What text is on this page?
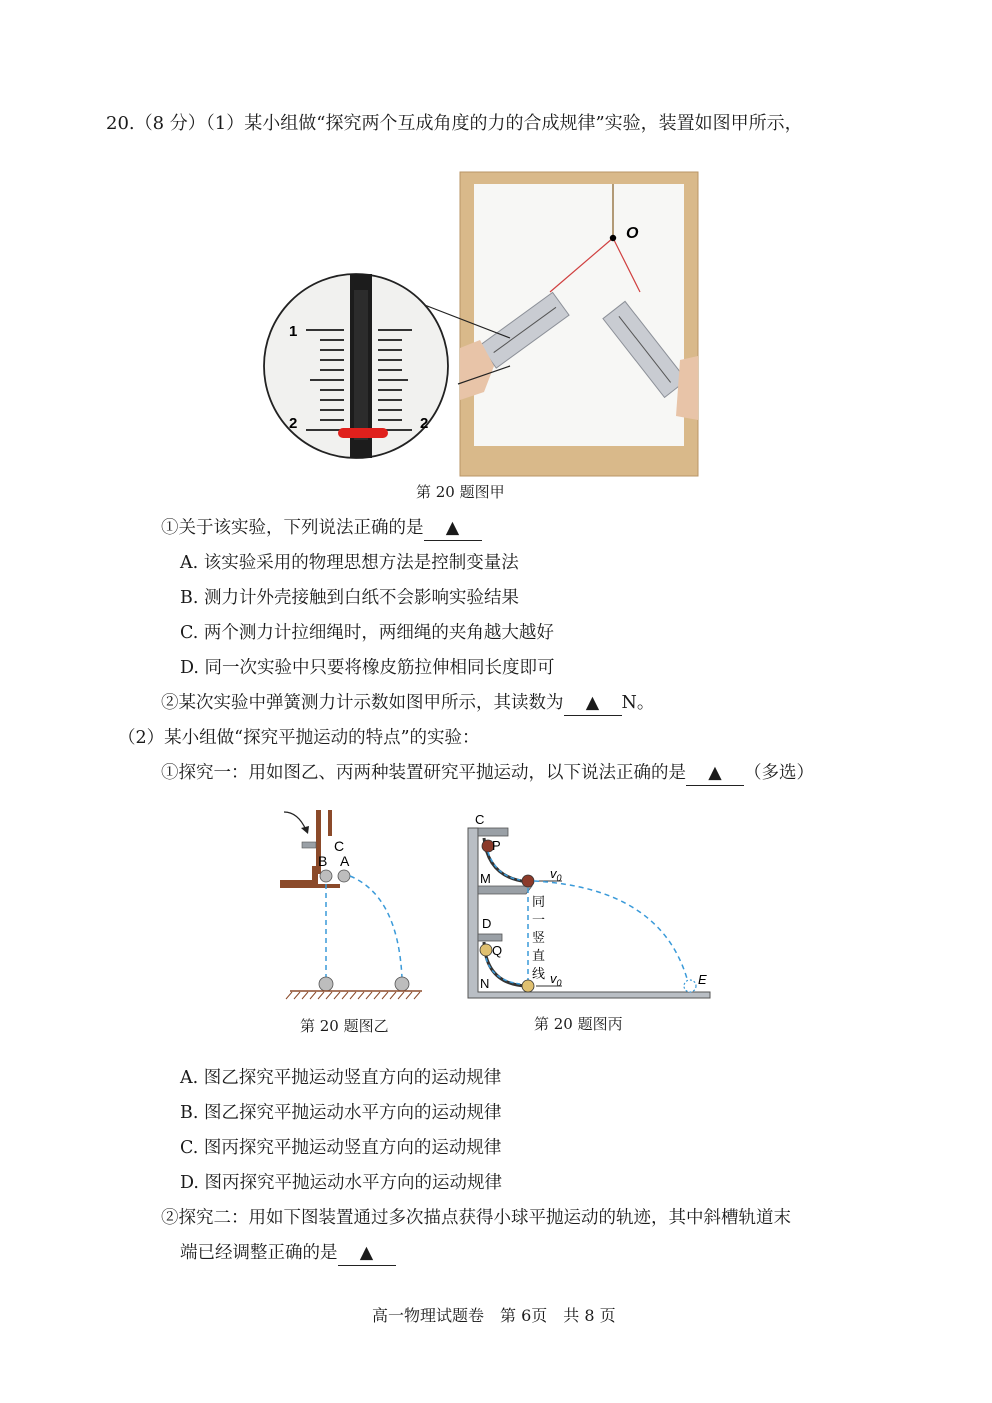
20.（8 分）（1）某小组做“探究两个互成角度的力的合成规律”实验，装置如图甲所示，
O
1
2	2
第 20 题图甲
①关于该实验，下列说法正确的是 ▲
A. 该实验采用的物理思想方法是控制变量法
B. 测力计外壳接触到白纸不会影响实验结果
C. 两个测力计拉细绳时，两细绳的夹角越大越好
D. 同一次实验中只要将橡皮筋拉伸相同长度即可
②某次实验中弹簧测力计示数如图甲所示，其读数为 ▲ N。
（2）某小组做“探究平抛运动的特点”的实验：
①探究一：用如图乙、丙两种装置研究平抛运动，以下说法正确的是 ▲ （多选）
C
B A
第 20 题图乙
C
P
M	$v_0$
同
一
竖
直
线
D
Q
N	$v_0$	E
第 20 题图丙
A. 图乙探究平抛运动竖直方向的运动规律
B. 图乙探究平抛运动水平方向的运动规律
C. 图丙探究平抛运动竖直方向的运动规律
D. 图丙探究平抛运动水平方向的运动规律
②探究二：用如下图装置通过多次描点获得小球平抛运动的轨迹，其中斜槽轨道末
端已经调整正确的是 ▲
高一物理试题卷　第 6页　共 8 页
